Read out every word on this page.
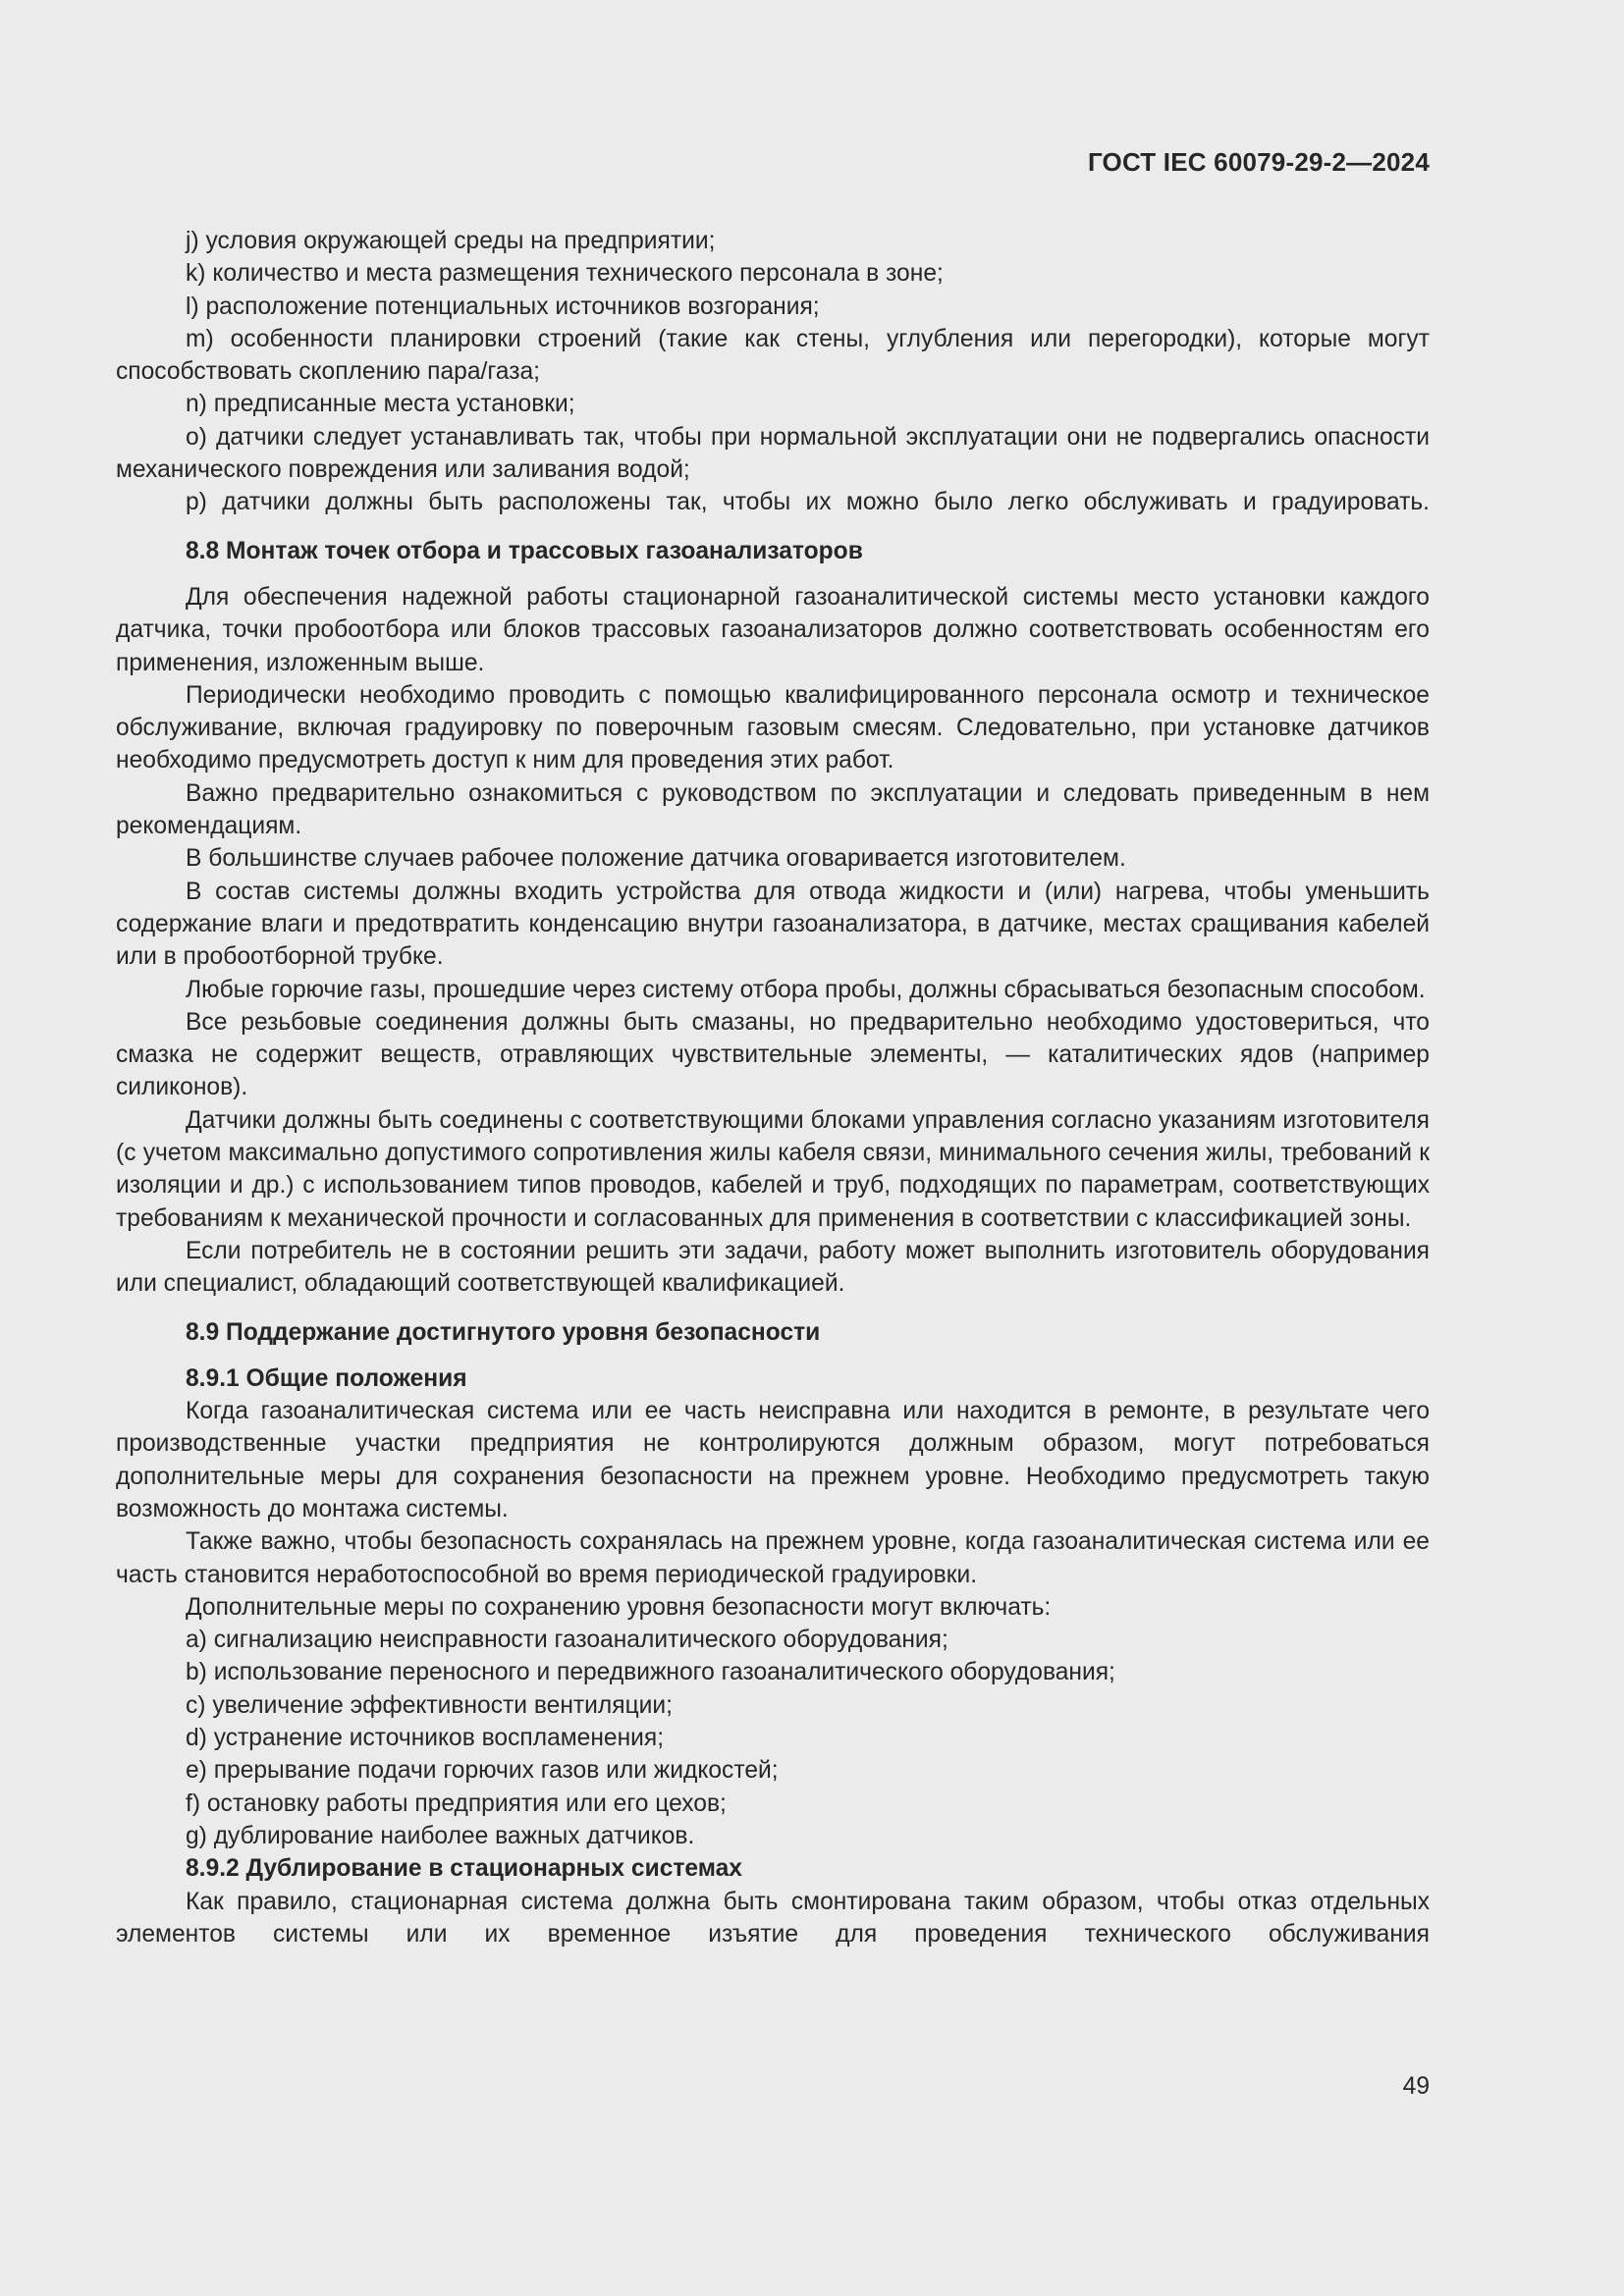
ГОСТ IEC 60079-29-2—2024

j) условия окружающей среды на предприятии;

k) количество и места размещения технического персонала в зоне;

l) расположение потенциальных источников возгорания;

m) особенности планировки строений (такие как стены, углубления или перегородки), которые могут способствовать скоплению пара/газа;

n) предписанные места установки;

o) датчики следует устанавливать так, чтобы при нормальной эксплуатации они не подвергались опасности механического повреждения или заливания водой;

p) датчики должны быть расположены так, чтобы их можно было легко обслуживать и градуировать.

8.8 Монтаж точек отбора и трассовых газоанализаторов

Для обеспечения надежной работы стационарной газоаналитической системы место установки каждого датчика, точки пробоотбора или блоков трассовых газоанализаторов должно соответствовать особенностям его применения, изложенным выше.

Периодически необходимо проводить с помощью квалифицированного персонала осмотр и техническое обслуживание, включая градуировку по поверочным газовым смесям. Следовательно, при установке датчиков необходимо предусмотреть доступ к ним для проведения этих работ.

Важно предварительно ознакомиться с руководством по эксплуатации и следовать приведенным в нем рекомендациям.

В большинстве случаев рабочее положение датчика оговаривается изготовителем.

В состав системы должны входить устройства для отвода жидкости и (или) нагрева, чтобы уменьшить содержание влаги и предотвратить конденсацию внутри газоанализатора, в датчике, местах сращивания кабелей или в пробоотборной трубке.

Любые горючие газы, прошедшие через систему отбора пробы, должны сбрасываться безопасным способом.

Все резьбовые соединения должны быть смазаны, но предварительно необходимо удостовериться, что смазка не содержит веществ, отравляющих чувствительные элементы, — каталитических ядов (например силиконов).

Датчики должны быть соединены с соответствующими блоками управления согласно указаниям изготовителя (с учетом максимально допустимого сопротивления жилы кабеля связи, минимального сечения жилы, требований к изоляции и др.) с использованием типов проводов, кабелей и труб, подходящих по параметрам, соответствующих требованиям к механической прочности и согласованных для применения в соответствии с классификацией зоны.

Если потребитель не в состоянии решить эти задачи, работу может выполнить изготовитель оборудования или специалист, обладающий соответствующей квалификацией.

8.9 Поддержание достигнутого уровня безопасности
8.9.1 Общие положения

Когда газоаналитическая система или ее часть неисправна или находится в ремонте, в результате чего производственные участки предприятия не контролируются должным образом, могут потребоваться дополнительные меры для сохранения безопасности на прежнем уровне. Необходимо предусмотреть такую возможность до монтажа системы.

Также важно, чтобы безопасность сохранялась на прежнем уровне, когда газоаналитическая система или ее часть становится неработоспособной во время периодической градуировки.

Дополнительные меры по сохранению уровня безопасности могут включать:

a) сигнализацию неисправности газоаналитического оборудования;

b) использование переносного и передвижного газоаналитического оборудования;

c) увеличение эффективности вентиляции;

d) устранение источников воспламенения;

e) прерывание подачи горючих газов или жидкостей;

f) остановку работы предприятия или его цехов;

g) дублирование наиболее важных датчиков.

8.9.2 Дублирование в стационарных системах

Как правило, стационарная система должна быть смонтирована таким образом, чтобы отказ отдельных элементов системы или их временное изъятие для проведения технического обслуживания

49
